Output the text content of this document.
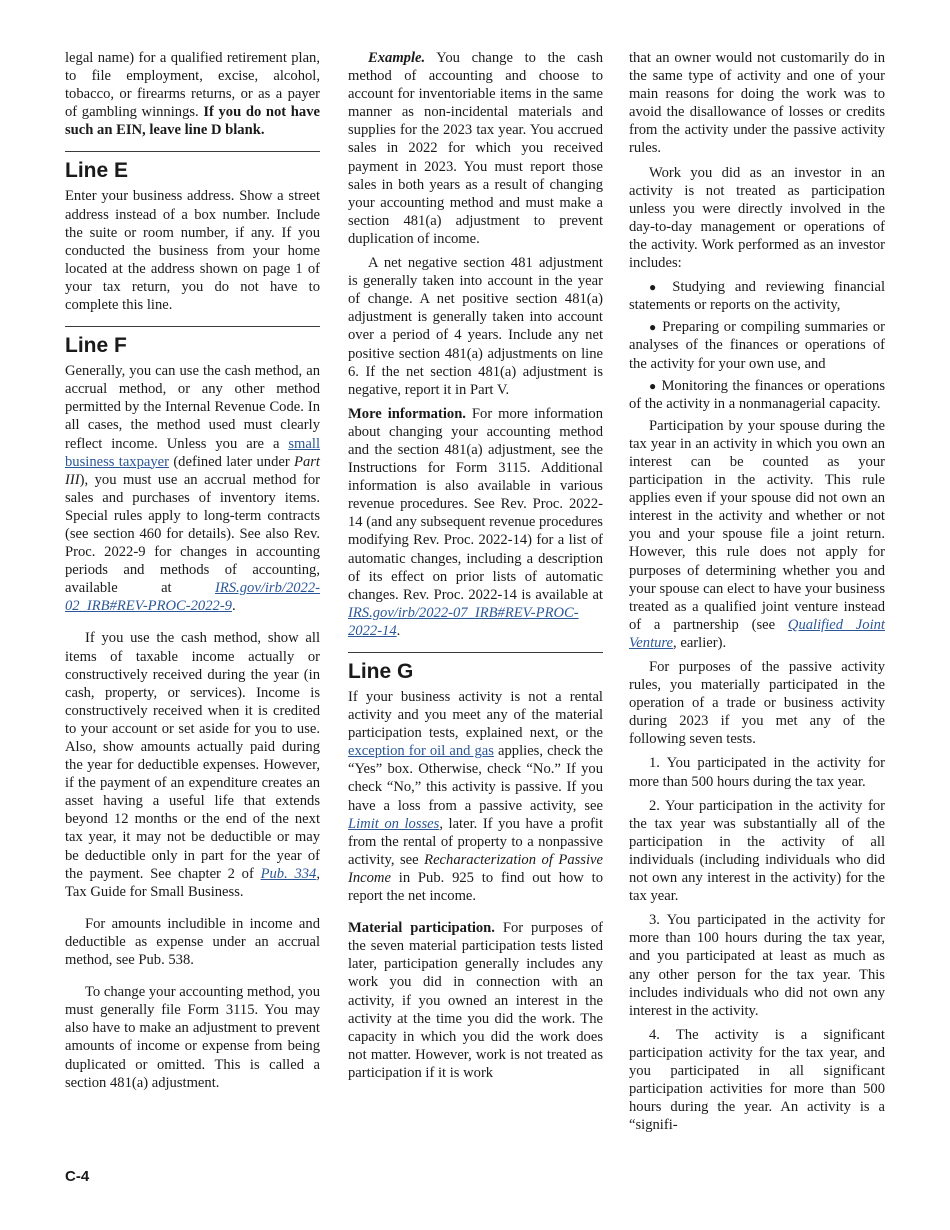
legal name) for a qualified retirement plan, to file employment, excise, alcohol, tobacco, or firearms returns, or as a payer of gambling winnings. If you do not have such an EIN, leave line D blank.

Line E

Enter your business address. Show a street address instead of a box number. Include the suite or room number, if any. If you conducted the business from your home located at the address shown on page 1 of your tax return, you do not have to complete this line.

Line F

Generally, you can use the cash method, an accrual method, or any other method permitted by the Internal Revenue Code. In all cases, the method used must clearly reflect income. Unless you are a small business taxpayer (defined later under Part III), you must use an accrual method for sales and purchases of inventory items. Special rules apply to long-term contracts (see section 460 for details). See also Rev. Proc. 2022-9 for changes in accounting periods and methods of accounting, available at IRS.gov/irb/2022-02_IRB#REV-PROC-2022-9.

If you use the cash method, show all items of taxable income actually or constructively received during the year (in cash, property, or services). Income is constructively received when it is credited to your account or set aside for you to use. Also, show amounts actually paid during the year for deductible expenses. However, if the payment of an expenditure creates an asset having a useful life that extends beyond 12 months or the end of the next tax year, it may not be deductible or may be deductible only in part for the year of the payment. See chapter 2 of Pub. 334, Tax Guide for Small Business.

For amounts includible in income and deductible as expense under an accrual method, see Pub. 538.

To change your accounting method, you must generally file Form 3115. You may also have to make an adjustment to prevent amounts of income or expense from being duplicated or omitted. This is called a section 481(a) adjustment.

Example. You change to the cash method of accounting and choose to account for inventoriable items in the same manner as non-incidental materials and supplies for the 2023 tax year. You accrued sales in 2022 for which you received payment in 2023. You must report those sales in both years as a result of changing your accounting method and must make a section 481(a) adjustment to prevent duplication of income.

A net negative section 481 adjustment is generally taken into account in the year of change. A net positive section 481(a) adjustment is generally taken into account over a period of 4 years. Include any net positive section 481(a) adjustments on line 6. If the net section 481(a) adjustment is negative, report it in Part V.

More information. For more information about changing your accounting method and the section 481(a) adjustment, see the Instructions for Form 3115. Additional information is also available in various revenue procedures. See Rev. Proc. 2022-14 (and any subsequent revenue procedures modifying Rev. Proc. 2022-14) for a list of automatic changes, including a description of its effect on prior lists of automatic changes. Rev. Proc. 2022-14 is available at IRS.gov/irb/2022-07_IRB#REV-PROC-2022-14.

Line G

If your business activity is not a rental activity and you meet any of the material participation tests, explained next, or the exception for oil and gas applies, check the “Yes” box. Otherwise, check “No.” If you check “No,” this activity is passive. If you have a loss from a passive activity, see Limit on losses, later. If you have a profit from the rental of property to a nonpassive activity, see Recharacterization of Passive Income in Pub. 925 to find out how to report the net income.

Material participation. For purposes of the seven material participation tests listed later, participation generally includes any work you did in connection with an activity, if you owned an interest in the activity at the time you did the work. The capacity in which you did the work does not matter. However, work is not treated as participation if it is work

that an owner would not customarily do in the same type of activity and one of your main reasons for doing the work was to avoid the disallowance of losses or credits from the activity under the passive activity rules.

Work you did as an investor in an activity is not treated as participation unless you were directly involved in the day-to-day management or operations of the activity. Work performed as an investor includes:

● Studying and reviewing financial statements or reports on the activity,

● Preparing or compiling summaries or analyses of the finances or operations of the activity for your own use, and

● Monitoring the finances or operations of the activity in a nonmanagerial capacity.

Participation by your spouse during the tax year in an activity in which you own an interest can be counted as your participation in the activity. This rule applies even if your spouse did not own an interest in the activity and whether or not you and your spouse file a joint return. However, this rule does not apply for purposes of determining whether you and your spouse can elect to have your business treated as a qualified joint venture instead of a partnership (see Qualified Joint Venture, earlier).

For purposes of the passive activity rules, you materially participated in the operation of a trade or business activity during 2023 if you met any of the following seven tests.

1. You participated in the activity for more than 500 hours during the tax year.

2. Your participation in the activity for the tax year was substantially all of the participation in the activity of all individuals (including individuals who did not own any interest in the activity) for the tax year.

3. You participated in the activity for more than 100 hours during the tax year, and you participated at least as much as any other person for the tax year. This includes individuals who did not own any interest in the activity.

4. The activity is a significant participation activity for the tax year, and you participated in all significant participation activities for more than 500 hours during the year. An activity is a “signifi-

C-4
